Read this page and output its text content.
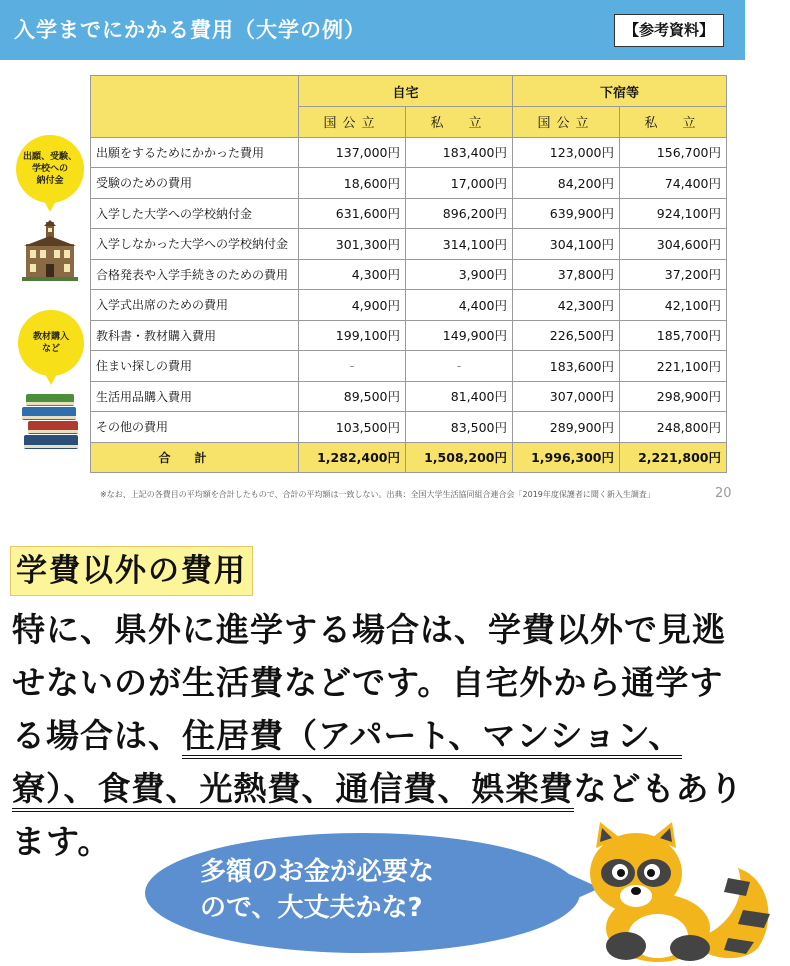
入学までにかかる費用（大学の例）	【参考資料】
出願、受験、
学校への
納付金
教材購入
など
	自宅		下宿等	
	国公立	私　立	国公立	私　立
出願をするためにかかった費用	137,000円	183,400円	123,000円	156,700円
受験のための費用	18,600円	17,000円	84,200円	74,400円
入学した大学への学校納付金	631,600円	896,200円	639,900円	924,100円
入学しなかった大学への学校納付金	301,300円	314,100円	304,100円	304,600円
合格発表や入学手続きのための費用	4,300円	3,900円	37,800円	37,200円
入学式出席のための費用	4,900円	4,400円	42,300円	42,100円
教科書・教材購入費用	199,100円	149,900円	226,500円	185,700円
住まい探しの費用	-	-	183,600円	221,100円
生活用品購入費用	89,500円	81,400円	307,000円	298,900円
その他の費用	103,500円	83,500円	289,900円	248,800円
合計	1,282,400円	1,508,200円	1,996,300円	2,221,800円
※なお、上記の各費目の平均額を合計したもので、合計の平均額は一致しない。出典：全国大学生活協同組合連合会「2019年度保護者に聞く新入生調査」	20
学費以外の費用
特に、県外に進学する場合は、学費以外で見逃せないのが生活費などです。自宅外から通学する場合は、住居費（アパート、マンション、寮）、食費、光熱費、通信費、娯楽費などもあります。
多額のお金が必要な
ので、大丈夫かな?
